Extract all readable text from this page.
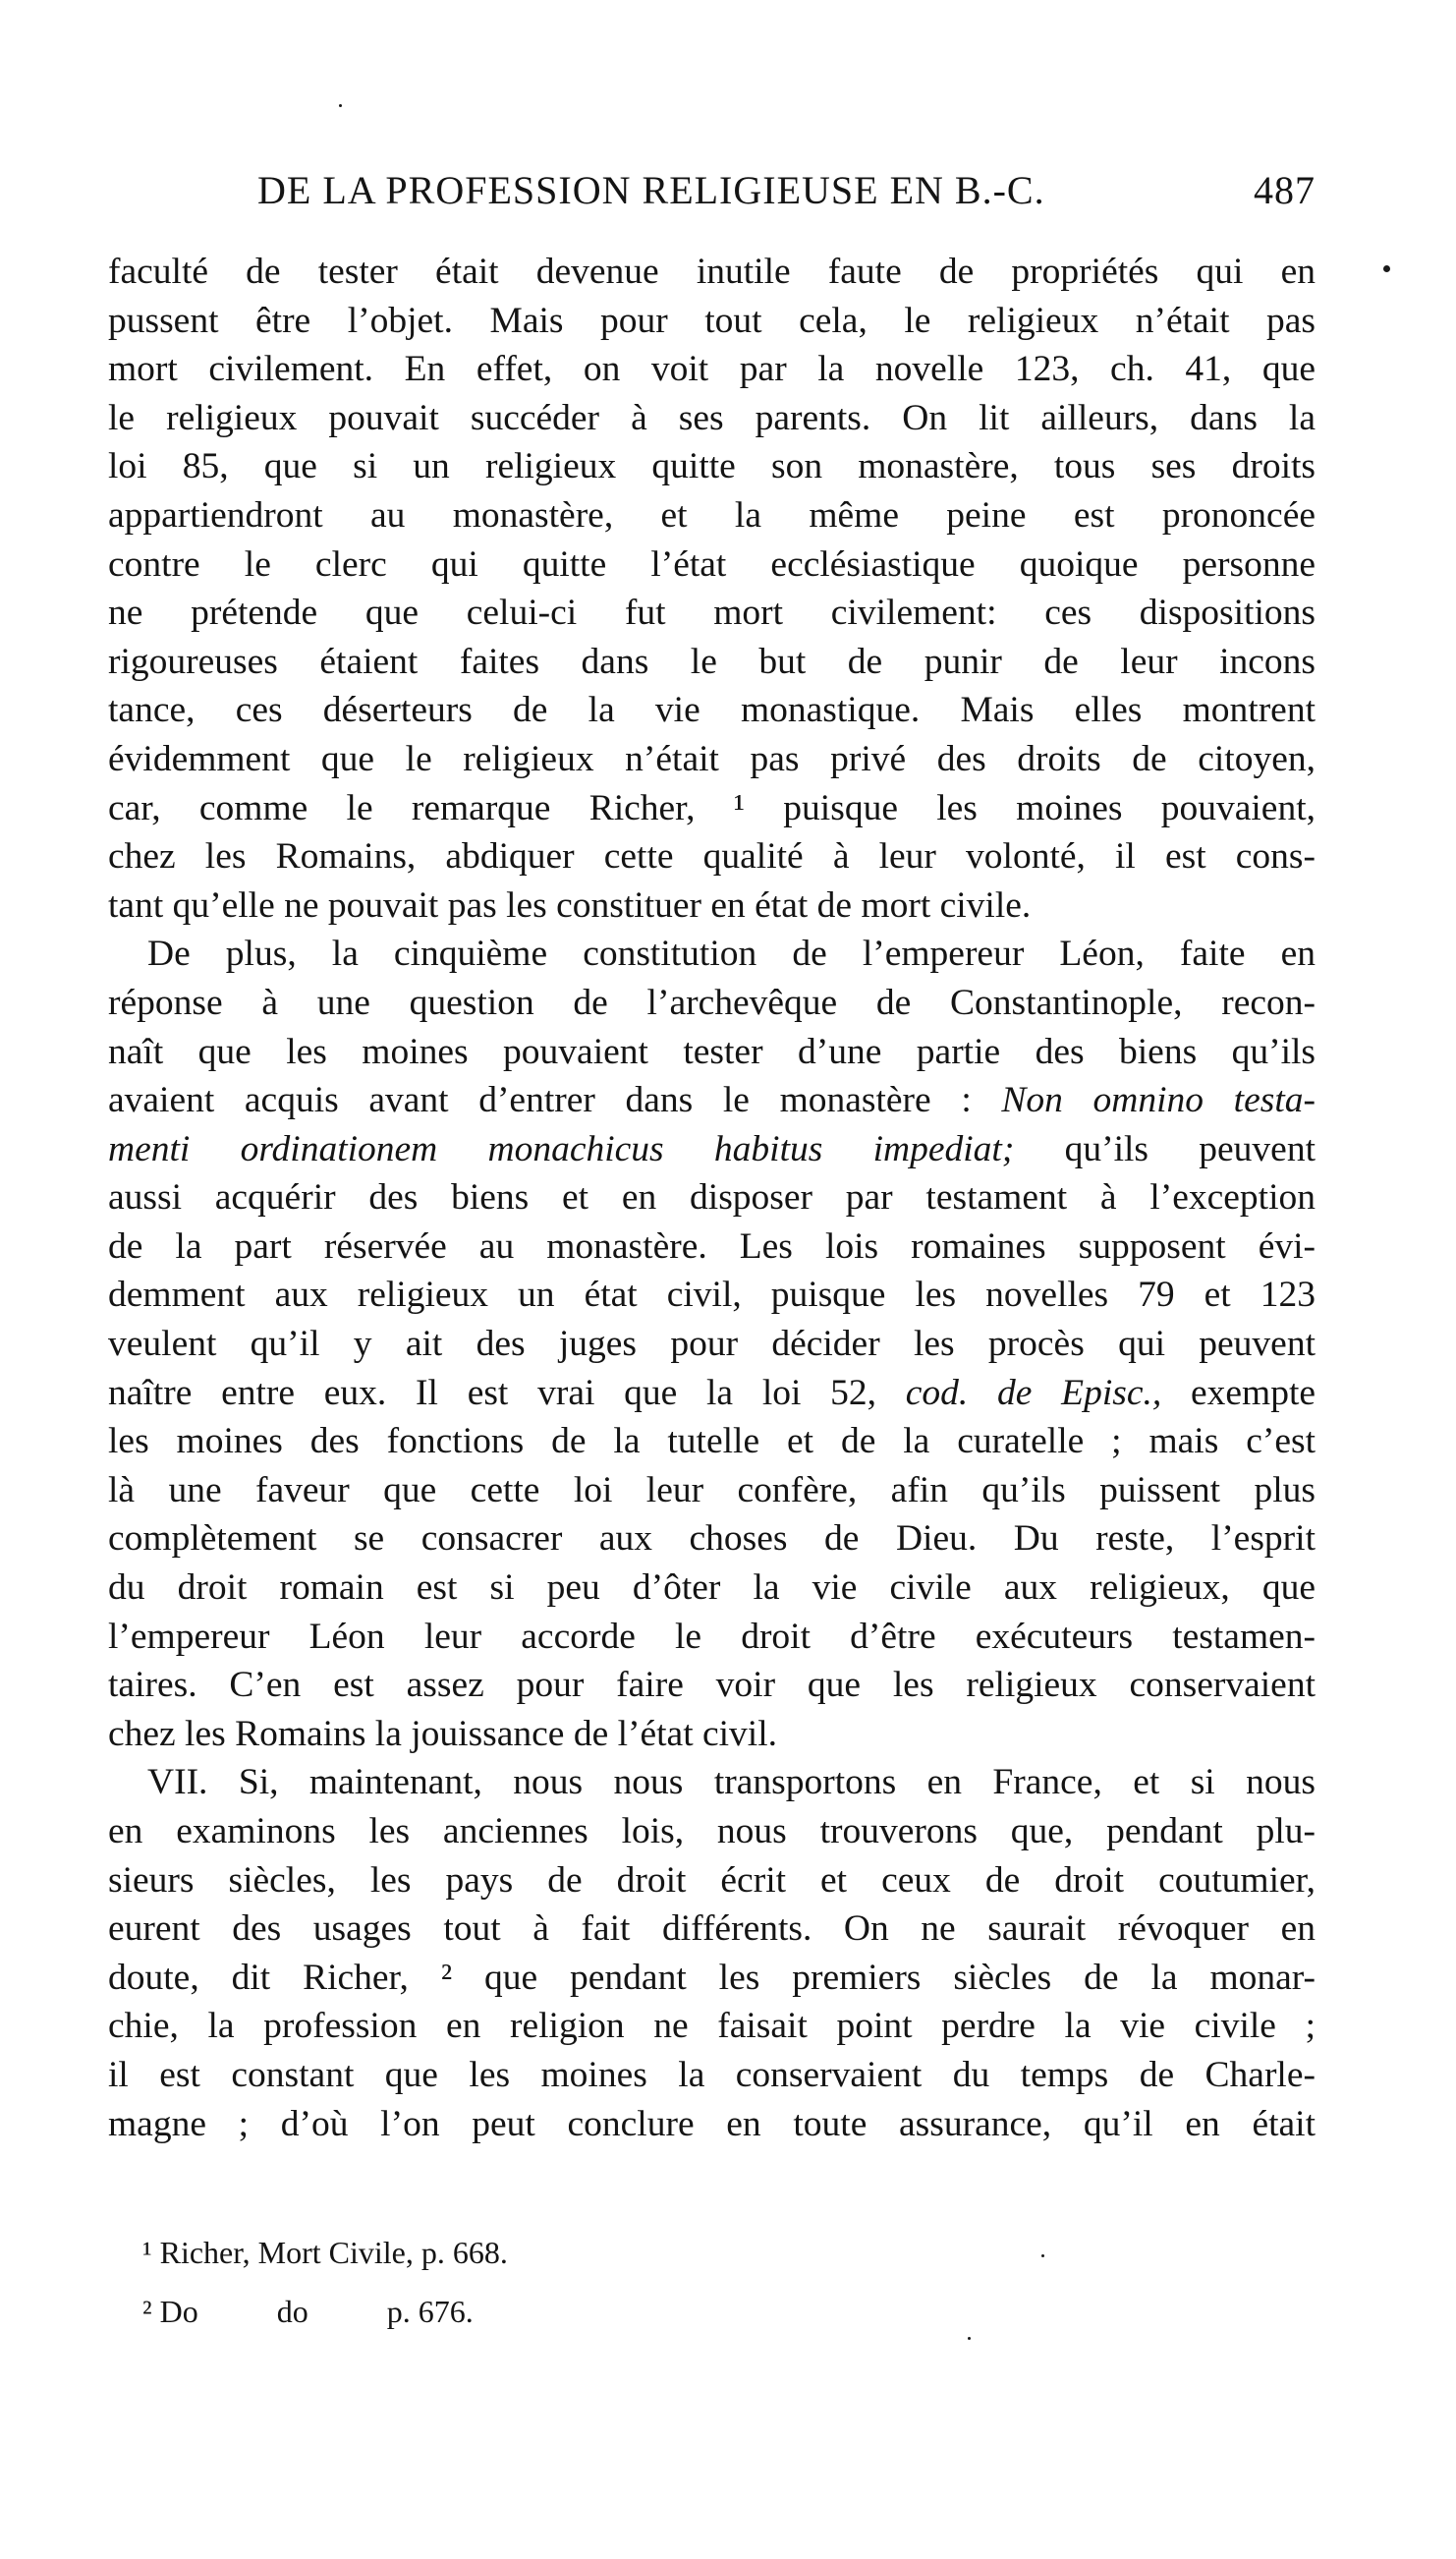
DE LA PROFESSION RELIGIEUSE EN B.-C.	487
faculté de tester était devenue inutile faute de propriétés qui en
pussent être l’objet. Mais pour tout cela, le religieux n’était pas
mort civilement. En effet, on voit par la novelle 123, ch. 41, que
le religieux pouvait succéder à ses parents. On lit ailleurs, dans la
loi 85, que si un religieux quitte son monastère, tous ses droits
appartiendront au monastère, et la même peine est prononcée
contre le clerc qui quitte l’état ecclésiastique quoique personne
ne prétende que celui-ci fut mort civilement: ces dispositions
rigoureuses étaient faites dans le but de punir de leur incons
tance, ces déserteurs de la vie monastique. Mais elles montrent
évidemment que le religieux n’était pas privé des droits de citoyen,
car, comme le remarque Richer, ¹ puisque les moines pouvaient,
chez les Romains, abdiquer cette qualité à leur volonté, il est cons-
tant qu’elle ne pouvait pas les constituer en état de mort civile.
De plus, la cinquième constitution de l’empereur Léon, faite en
réponse à une question de l’archevêque de Constantinople, recon-
naît que les moines pouvaient tester d’une partie des biens qu’ils
avaient acquis avant d’entrer dans le monastère : Non omnino testa-
menti ordinationem monachicus habitus impediat; qu’ils peuvent
aussi acquérir des biens et en disposer par testament à l’exception
de la part réservée au monastère. Les lois romaines supposent évi-
demment aux religieux un état civil, puisque les novelles 79 et 123
veulent qu’il y ait des juges pour décider les procès qui peuvent
naître entre eux. Il est vrai que la loi 52, cod. de Episc., exempte
les moines des fonctions de la tutelle et de la curatelle ; mais c’est
là une faveur que cette loi leur confère, afin qu’ils puissent plus
complètement se consacrer aux choses de Dieu. Du reste, l’esprit
du droit romain est si peu d’ôter la vie civile aux religieux, que
l’empereur Léon leur accorde le droit d’être exécuteurs testamen-
taires. C’en est assez pour faire voir que les religieux conservaient
chez les Romains la jouissance de l’état civil.
VII. Si, maintenant, nous nous transportons en France, et si nous
en examinons les anciennes lois, nous trouverons que, pendant plu-
sieurs siècles, les pays de droit écrit et ceux de droit coutumier,
eurent des usages tout à fait différents. On ne saurait révoquer en
doute, dit Richer, ² que pendant les premiers siècles de la monar-
chie, la profession en religion ne faisait point perdre la vie civile ;
il est constant que les moines la conservaient du temps de Charle-
magne ; d’où l’on peut conclure en toute assurance, qu’il en était
¹ Richer, Mort Civile, p. 668.
² Do          do          p. 676.
